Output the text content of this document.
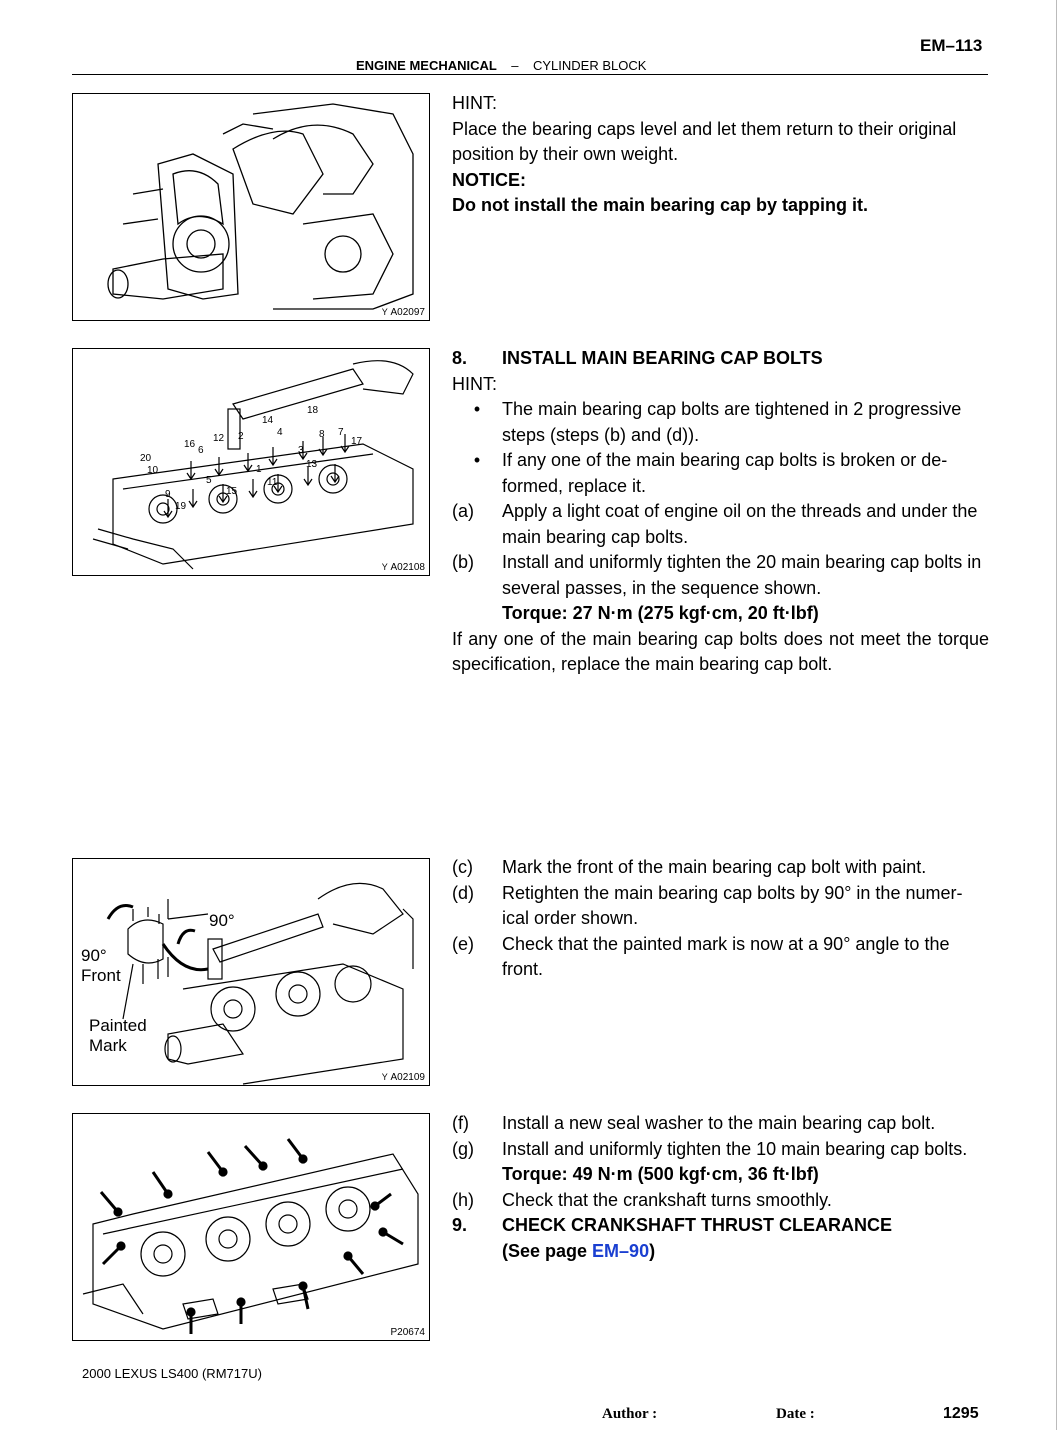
EM–113
ENGINE MECHANICAL – CYLINDER BLOCK
Y A02097
HINT:
Place the bearing caps level and let them return to their original position by their own weight.
NOTICE:
Do not install the main bearing cap by tapping it.
18
14
8
4	7
17
12 2
16
6	3
20
13
10
5
1
11
15
9
19
Y A02108
8.	INSTALL MAIN BEARING CAP BOLTS
HINT:
•	The main bearing cap bolts are tightened in 2 progressive steps (steps (b) and (d)).
•	If any one of the main bearing cap bolts is broken or de-formed, replace it.
(a)	Apply a light coat of engine oil on the threads and under the main bearing cap bolts.
(b)	Install and uniformly tighten the 20 main bearing cap bolts in several passes, in the sequence shown.
Torque: 27 N·m (275 kgf·cm, 20 ft·lbf)
If any one of the main bearing cap bolts does not meet the torque specification, replace the main bearing cap bolt.
90°
90°
Front
Painted
Mark
Y A02109
(c)	Mark the front of the main bearing cap bolt with paint.
(d)	Retighten the main bearing cap bolts by 90° in the numer-ical order shown.
(e)	Check that the painted mark is now at a 90° angle to the front.
P20674
(f)	Install a new seal washer to the main bearing cap bolt.
(g)	Install and uniformly tighten the 10 main bearing cap bolts.
Torque: 49 N·m (500 kgf·cm, 36 ft·lbf)
(h)	Check that the crankshaft turns smoothly.
9.	CHECK CRANKSHAFT THRUST CLEARANCE
(See page EM–90)
2000 LEXUS LS400 (RM717U)
Author :	Date :	1295
